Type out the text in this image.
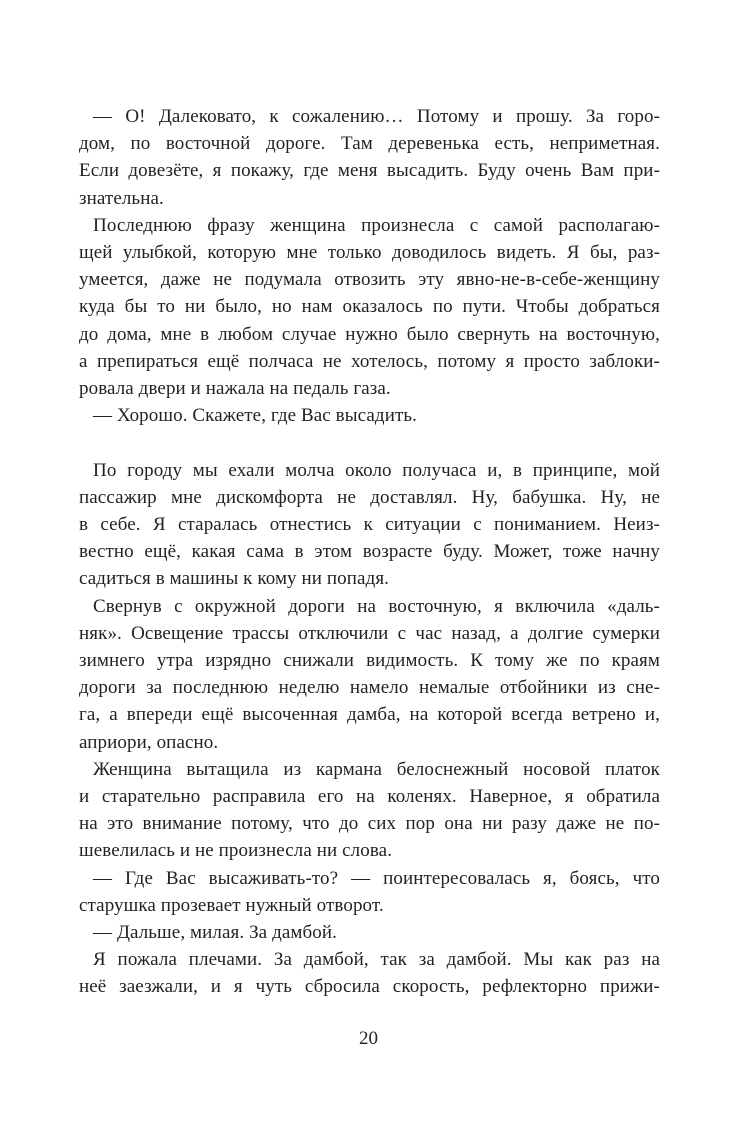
— О! Далековато, к сожалению… Потому и прошу. За горо-
дом, по восточной дороге. Там деревенька есть, неприметная.
Если довезёте, я покажу, где меня высадить. Буду очень Вам при-
знательна.
Последнюю фразу женщина произнесла с самой располагаю-
щей улыбкой, которую мне только доводилось видеть. Я бы, раз-
умеется, даже не подумала отвозить эту явно-не-в-себе-женщину
куда бы то ни было, но нам оказалось по пути. Чтобы добраться
до дома, мне в любом случае нужно было свернуть на восточную,
а препираться ещё полчаса не хотелось, потому я просто заблоки-
ровала двери и нажала на педаль газа.
— Хорошо. Скажете, где Вас высадить.
По городу мы ехали молча около получаса и, в принципе, мой
пассажир мне дискомфорта не доставлял. Ну, бабушка. Ну, не
в себе. Я старалась отнестись к ситуации с пониманием. Неиз-
вестно ещё, какая сама в этом возрасте буду. Может, тоже начну
садиться в машины к кому ни попадя.
Свернув с окружной дороги на восточную, я включила «даль-
няк». Освещение трассы отключили с час назад, а долгие сумерки
зимнего утра изрядно снижали видимость. К тому же по краям
дороги за последнюю неделю намело немалые отбойники из сне-
га, а впереди ещё высоченная дамба, на которой всегда ветрено и,
априори, опасно.
Женщина вытащила из кармана белоснежный носовой платок
и старательно расправила его на коленях. Наверное, я обратила
на это внимание потому, что до сих пор она ни разу даже не по-
шевелилась и не произнесла ни слова.
— Где Вас высаживать-то? — поинтересовалась я, боясь, что
старушка прозевает нужный отворот.
— Дальше, милая. За дамбой.
Я пожала плечами. За дамбой, так за дамбой. Мы как раз на
неё заезжали, и я чуть сбросила скорость, рефлекторно прижи-
20
